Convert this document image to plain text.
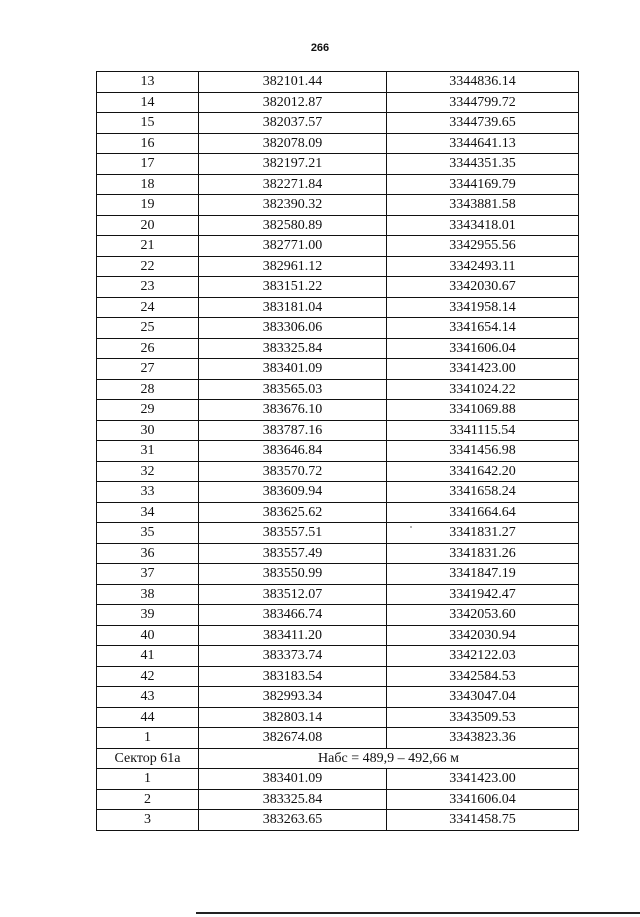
266
13	382101.44	3344836.14
14	382012.87	3344799.72
15	382037.57	3344739.65
16	382078.09	3344641.13
17	382197.21	3344351.35
18	382271.84	3344169.79
19	382390.32	3343881.58
20	382580.89	3343418.01
21	382771.00	3342955.56
22	382961.12	3342493.11
23	383151.22	3342030.67
24	383181.04	3341958.14
25	383306.06	3341654.14
26	383325.84	3341606.04
27	383401.09	3341423.00
28	383565.03	3341024.22
29	383676.10	3341069.88
30	383787.16	3341115.54
31	383646.84	3341456.98
32	383570.72	3341642.20
33	383609.94	3341658.24
34	383625.62	3341664.64
35	383557.51	3341831.27
36	383557.49	3341831.26
37	383550.99	3341847.19
38	383512.07	3341942.47
39	383466.74	3342053.60
40	383411.20	3342030.94
41	383373.74	3342122.03
42	383183.54	3342584.53
43	382993.34	3343047.04
44	382803.14	3343509.53
1	382674.08	3343823.36
Сектор 61а	Набс = 489,9 – 492,66 м	
1	383401.09	3341423.00
2	383325.84	3341606.04
3	383263.65	3341458.75
